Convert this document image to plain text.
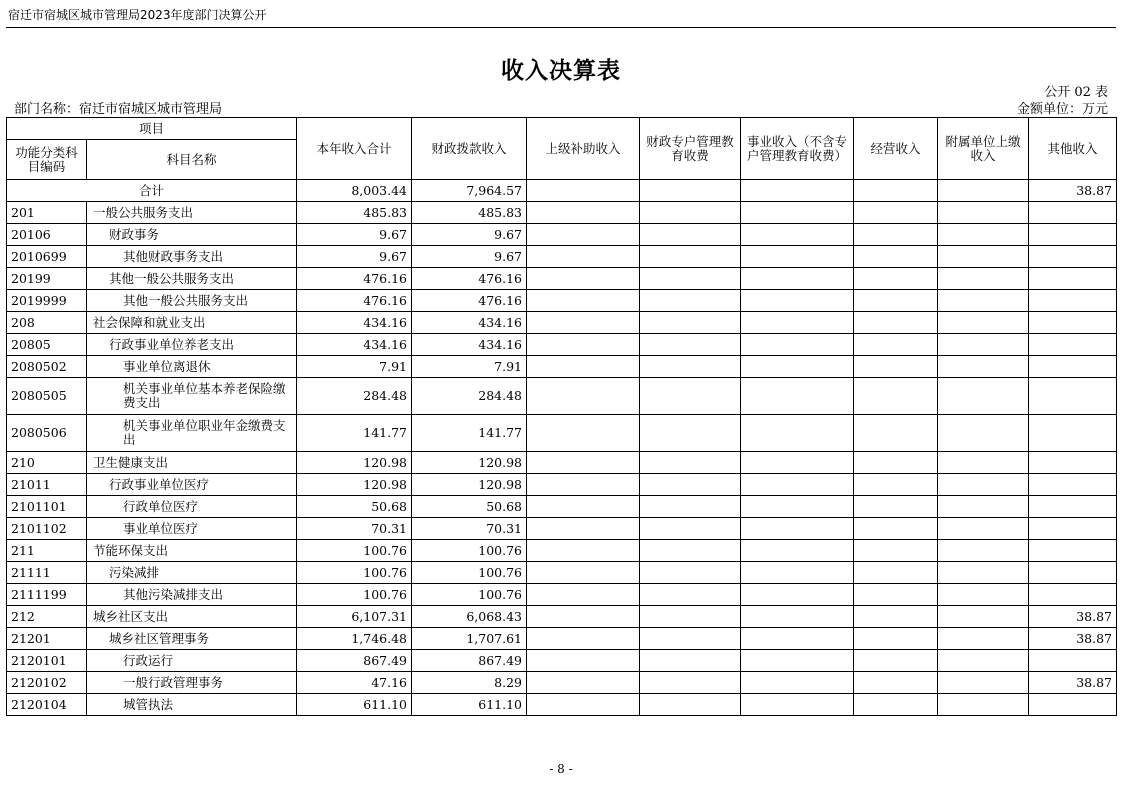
宿迁市宿城区城市管理局2023年度部门决算公开
收入决算表
公开 02 表
部门名称：宿迁市宿城区城市管理局	金额单位：万元
项目		本年收入合计	财政拨款收入	上级补助收入	财政专户管理教育收费	事业收入（不含专户管理教育收费）	经营收入	附属单位上缴收入	其他收入
功能分类科目编码	科目名称								
合计		8,003.44	7,964.57						38.87
201	一般公共服务支出	485.83	485.83						
20106	财政事务	9.67	9.67						
2010699	其他财政事务支出	9.67	9.67						
20199	其他一般公共服务支出	476.16	476.16						
2019999	其他一般公共服务支出	476.16	476.16						
208	社会保障和就业支出	434.16	434.16						
20805	行政事业单位养老支出	434.16	434.16						
2080502	事业单位离退休	7.91	7.91						
2080505	机关事业单位基本养老保险缴费支出	284.48	284.48						
2080506	机关事业单位职业年金缴费支出	141.77	141.77						
210	卫生健康支出	120.98	120.98						
21011	行政事业单位医疗	120.98	120.98						
2101101	行政单位医疗	50.68	50.68						
2101102	事业单位医疗	70.31	70.31						
211	节能环保支出	100.76	100.76						
21111	污染减排	100.76	100.76						
2111199	其他污染减排支出	100.76	100.76						
212	城乡社区支出	6,107.31	6,068.43						38.87
21201	城乡社区管理事务	1,746.48	1,707.61						38.87
2120101	行政运行	867.49	867.49						
2120102	一般行政管理事务	47.16	8.29						38.87
2120104	城管执法	611.10	611.10						
- 8 -
